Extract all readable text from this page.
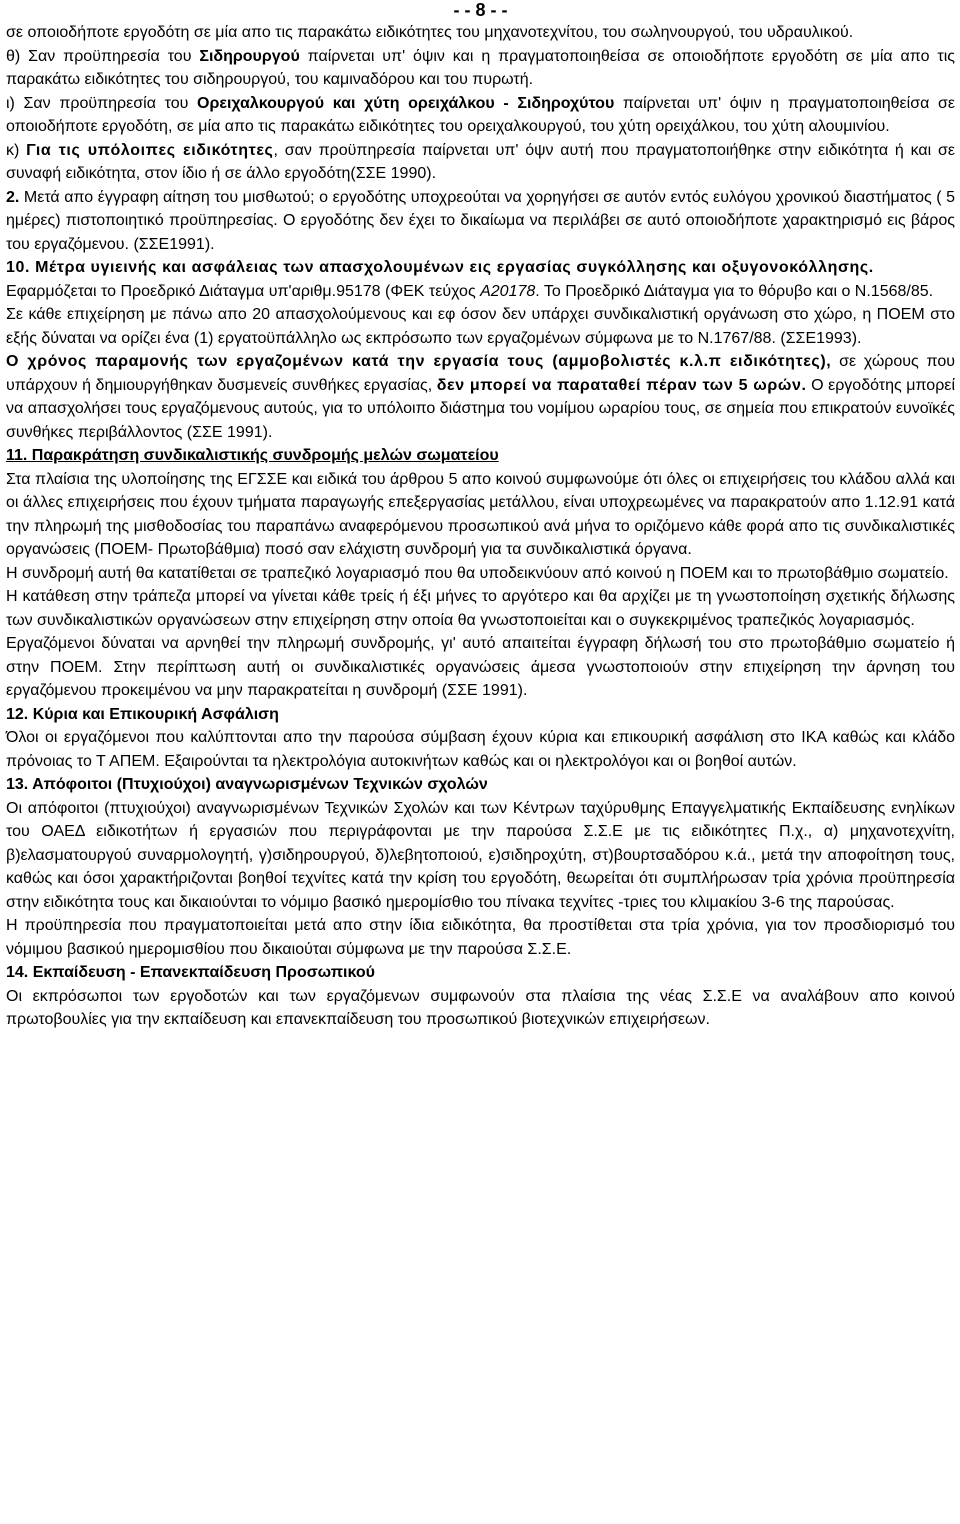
- - 8 - -

σε οποιοδήποτε εργοδότη σε μία απο τις παρακάτω ειδικότητες του μηχανοτεχνίτου, του σωληνουργού, του υδραυλικού.

θ) Σαν προϋπηρεσία του Σιδηρουργού παίρνεται υπ' όψιν και η πραγματοποιηθείσα σε οποιοδήποτε εργοδότη σε μία απο τις παρακάτω ειδικότητες του σιδηρουργού, του καμιναδόρου και του πυρωτή.

ι) Σαν προϋπηρεσία του Ορειχαλκουργού και χύτη ορειχάλκου - Σιδηροχύτου παίρνεται υπ' όψιν η πραγματοποιηθείσα σε οποιοδήποτε εργοδότη, σε μία απο τις παρακάτω ειδικότητες του ορειχαλκουργού, του χύτη ορειχάλκου, του χύτη αλουμινίου.

κ) Για τις υπόλοιπες ειδικότητες, σαν προϋπηρεσία παίρνεται υπ' όψν αυτή που πραγματοποιήθηκε στην ειδικότητα ή και σε συναφή ειδικότητα, στον ίδιο ή σε άλλο εργοδότη(ΣΣΕ 1990).

2. Μετά απο έγγραφη αίτηση του μισθωτού; ο εργοδότης υποχρεούται να χορηγήσει σε αυτόν εντός ευλόγου χρονικού διαστήματος ( 5 ημέρες) πιστοποιητικό προϋπηρεσίας. Ο εργοδότης δεν έχει το δικαίωμα να περιλάβει σε αυτό οποιοδήποτε χαρακτηρισμό εις βάρος του εργαζόμενου. (ΣΣΕ1991).

10. Μέτρα υγιεινής και ασφάλειας των απασχολουμένων εις εργασίας συγκόλλησης και οξυγονοκόλλησης.

Εφαρμόζεται το Προεδρικό Διάταγμα υπ'αριθμ.95178 (ΦΕΚ τεύχος Α20178. Το Προεδρικό Διάταγμα για το θόρυβο και ο Ν.1568/85.

Σε κάθε επιχείρηση με πάνω απο 20 απασχολούμενους και εφ όσον δεν υπάρχει συνδικαλιστική οργάνωση στο χώρο, η ΠΟΕΜ στο εξής δύναται να ορίζει ένα (1) εργατοϋπάλληλο ως εκπρόσωπο των εργαζομένων σύμφωνα με το Ν.1767/88. (ΣΣΕ1993).

Ο χρόνος παραμονής των εργαζομένων κατά την εργασία τους (αμμοβολιστές κ.λ.π ειδικότητες), σε χώρους που υπάρχουν ή δημιουργήθηκαν δυσμενείς συνθήκες εργασίας, δεν μπορεί να παραταθεί πέραν των 5 ωρών. Ο εργοδότης μπορεί να απασχολήσει τους εργαζόμενους αυτούς, για το υπόλοιπο διάστημα του νομίμου ωραρίου τους, σε σημεία που επικρατούν ευνοϊκές συνθήκες περιβάλλοντος (ΣΣΕ 1991).

11. Παρακράτηση συνδικαλιστικής συνδρομής μελών σωματείου

Στα πλαίσια της υλοποίησης της ΕΓΣΣΕ και ειδικά του άρθρου 5 απο κοινού συμφωνούμε ότι όλες οι επιχειρήσεις του κλάδου αλλά και οι άλλες επιχειρήσεις που έχουν τμήματα παραγωγής επεξεργασίας μετάλλου, είναι υποχρεωμένες να παρακρατούν απο 1.12.91 κατά την πληρωμή της μισθοδοσίας του παραπάνω αναφερόμενου προσωπικού ανά μήνα το οριζόμενο κάθε φορά απο τις συνδικαλιστικές οργανώσεις (ΠΟΕΜ- Πρωτοβάθμια) ποσό σαν ελάχιστη συνδρομή για τα συνδικαλιστικά όργανα.

Η συνδρομή αυτή θα κατατίθεται σε τραπεζικό λογαριασμό που θα υποδεικνύουν από κοινού η ΠΟΕΜ και το πρωτοβάθμιο σωματείο.

Η κατάθεση στην τράπεζα μπορεί να γίνεται κάθε τρείς ή έξι μήνες το αργότερο και θα αρχίζει με τη γνωστοποίηση σχετικής δήλωσης των συνδικαλιστικών οργανώσεων στην επιχείρηση στην οποία θα γνωστοποιείται και ο συγκεκριμένος τραπεζικός λογαριασμός.

Εργαζόμενοι δύναται να αρνηθεί την πληρωμή συνδρομής, γι' αυτό απαιτείται έγγραφη δήλωσή του στο πρωτοβάθμιο σωματείο ή στην ΠΟΕΜ. Στην περίπτωση αυτή οι συνδικαλιστικές οργανώσεις άμεσα γνωστοποιούν στην επιχείρηση την άρνηση του εργαζόμενου προκειμένου να μην παρακρατείται η συνδρομή (ΣΣΕ 1991).

12. Κύρια και Επικουρική Ασφάλιση

Όλοι οι εργαζόμενοι που καλύπτονται απο την παρούσα σύμβαση έχουν κύρια και επικουρική ασφάλιση στο ΙΚΑ καθώς και κλάδο πρόνοιας το Τ ΑΠΕΜ. Εξαιρούνται τα ηλεκτρολόγια αυτοκινήτων καθώς και οι ηλεκτρολόγοι και οι βοηθοί αυτών.

13. Απόφοιτοι (Πτυχιούχοι) αναγνωρισμένων Τεχνικών σχολών

Οι απόφοιτοι (πτυχιούχοι) αναγνωρισμένων Τεχνικών Σχολών και των Κέντρων ταχύρυθμης Επαγγελματικής Εκπαίδευσης ενηλίκων του ΟΑΕΔ ειδικοτήτων ή εργασιών που περιγράφονται με την παρούσα Σ.Σ.Ε με τις ειδικότητες Π.χ., α) μηχανοτεχνίτη, β)ελασματουργού συναρμολογητή, γ)σιδηρουργού, δ)λεβητοποιού, ε)σιδηροχύτη, στ)βουρτσαδόρου κ.ά., μετά την αποφοίτηση τους, καθώς και όσοι χαρακτήριζονται βοηθοί τεχνίτες κατά την κρίση του εργοδότη, θεωρείται ότι συμπλήρωσαν τρία χρόνια προϋπηρεσία στην ειδικότητα τους και δικαιούνται το νόμιμο βασικό ημερομίσθιο του πίνακα τεχνίτες -τριες του κλιμακίου 3-6 της παρούσας.

Η προϋπηρεσία που πραγματοποιείται μετά απο στην ίδια ειδικότητα, θα προστίθεται στα τρία χρόνια, για τον προσδιορισμό του νόμιμου βασικού ημερομισθίου που δικαιούται σύμφωνα με την παρούσα Σ.Σ.Ε.

14. Εκπαίδευση - Επανεκπαίδευση Προσωπικού

Οι εκπρόσωποι των εργοδοτών και των εργαζόμενων συμφωνούν στα πλαίσια της νέας Σ.Σ.Ε να αναλάβουν απο κοινού πρωτοβουλίες για την εκπαίδευση και επανεκπαίδευση του προσωπικού βιοτεχνικών επιχειρήσεων.
